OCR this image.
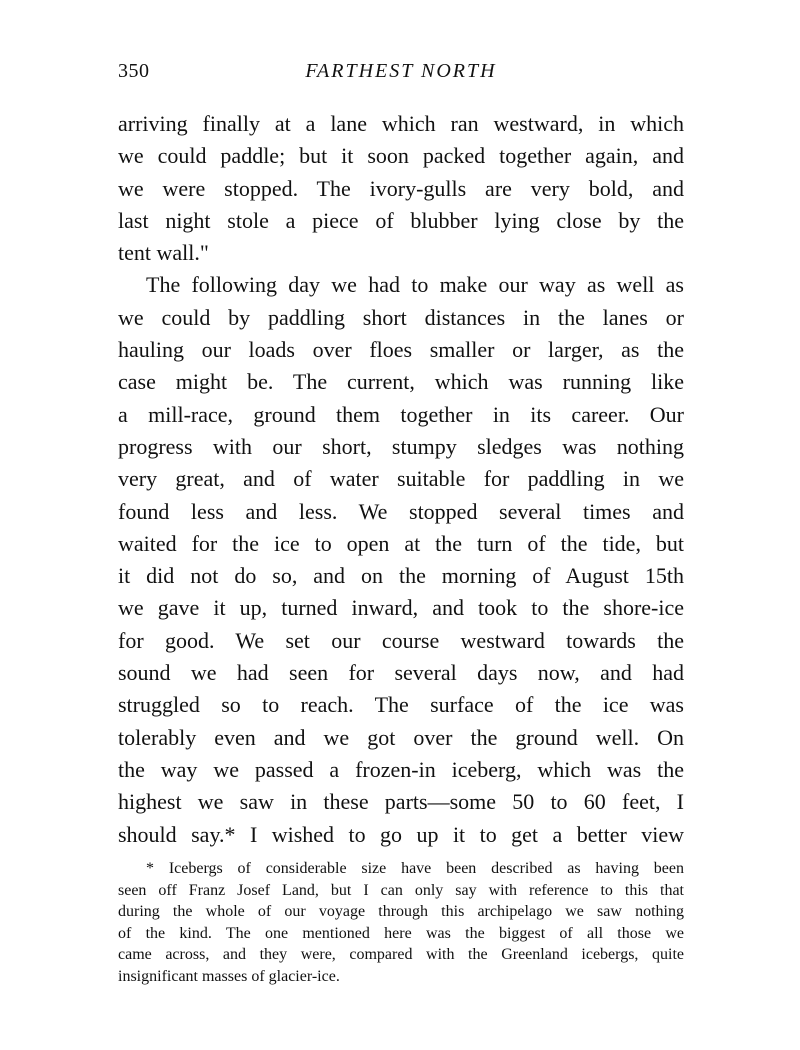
350	FARTHEST NORTH
arriving finally at a lane which ran westward, in which
we could paddle; but it soon packed together again, and
we were stopped. The ivory-gulls are very bold, and
last night stole a piece of blubber lying close by the
tent wall."
The following day we had to make our way as well as
we could by paddling short distances in the lanes or
hauling our loads over floes smaller or larger, as the
case might be. The current, which was running like
a mill-race, ground them together in its career. Our
progress with our short, stumpy sledges was nothing
very great, and of water suitable for paddling in we
found less and less. We stopped several times and
waited for the ice to open at the turn of the tide, but
it did not do so, and on the morning of August 15th
we gave it up, turned inward, and took to the shore-ice
for good. We set our course westward towards the
sound we had seen for several days now, and had
struggled so to reach. The surface of the ice was
tolerably even and we got over the ground well. On
the way we passed a frozen-in iceberg, which was the
highest we saw in these parts—some 50 to 60 feet, I
should say.* I wished to go up it to get a better view
* Icebergs of considerable size have been described as having been
seen off Franz Josef Land, but I can only say with reference to this that
during the whole of our voyage through this archipelago we saw nothing
of the kind. The one mentioned here was the biggest of all those we
came across, and they were, compared with the Greenland icebergs, quite
insignificant masses of glacier-ice.
